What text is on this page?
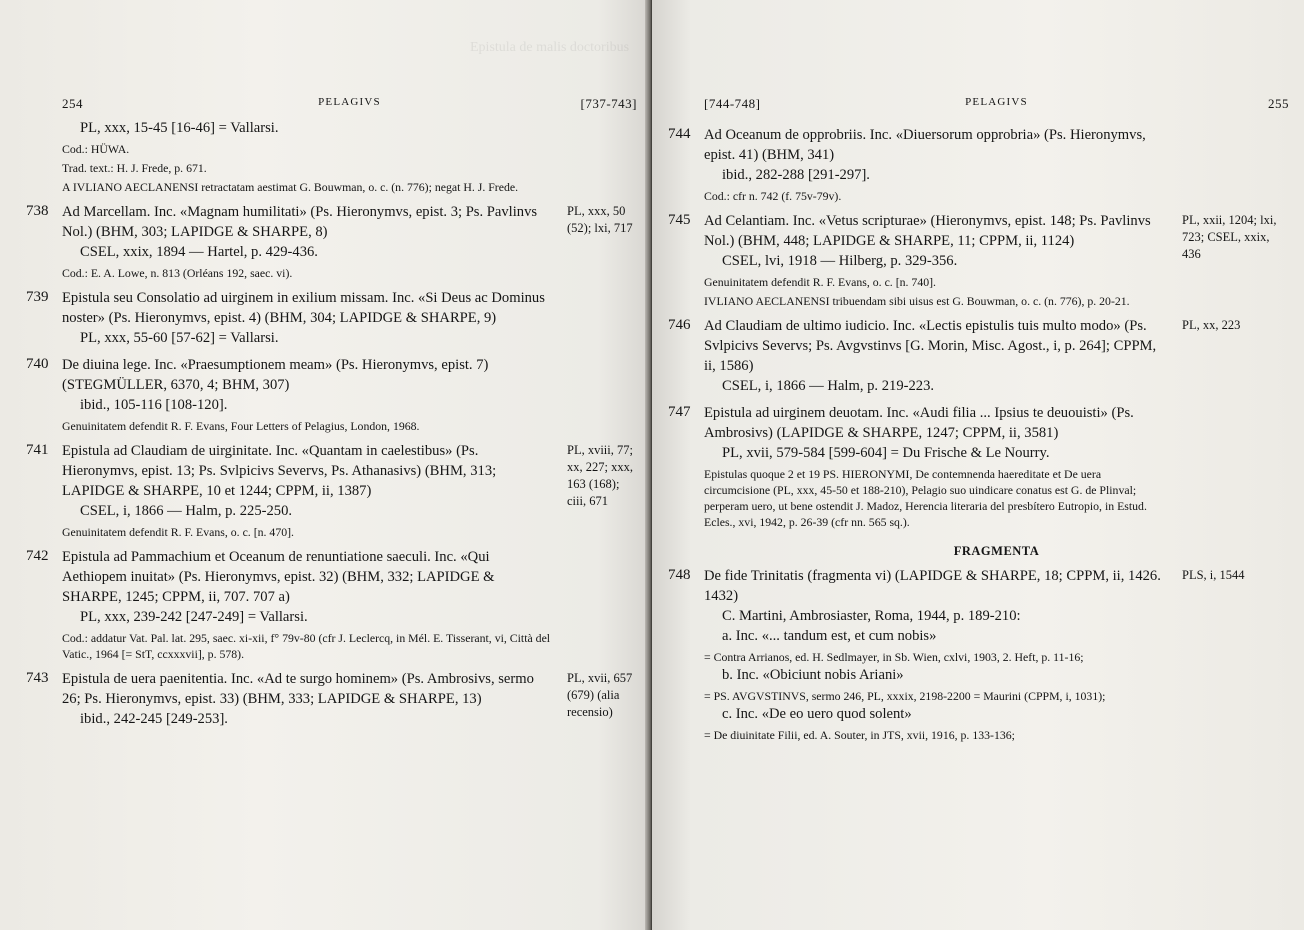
Epistula de malis doctoribus
254	PELAGIVS	[737-743]
PL, xxx, 15-45 [16-46] = Vallarsi.
Cod.: HÜWA.
Trad. text.: H. J. Frede, p. 671.
A IVLIANO AECLANENSI retractatam aestimat G. Bouwman, o. c. (n. 776); negat H. J. Frede.
738 Ad Marcellam. Inc. «Magnam humilitati» (Ps. Hieronymvs, epist. 3; Ps. Pavlinvs Nol.) (BHM, 303; LAPIDGE & SHARPE, 8)
CSEL, xxix, 1894 — Hartel, p. 429-436.
Cod.: E. A. Lowe, n. 813 (Orléans 192, saec. vi).
PL, xxx, 50 (52); lxi, 717
739 Epistula seu Consolatio ad uirginem in exilium missam. Inc. «Si Deus ac Dominus noster» (Ps. Hieronymvs, epist. 4) (BHM, 304; LAPIDGE & SHARPE, 9)
PL, xxx, 55-60 [57-62] = Vallarsi.
740 De diuina lege. Inc. «Praesumptionem meam» (Ps. Hieronymvs, epist. 7) (STEGMÜLLER, 6370, 4; BHM, 307)
ibid., 105-116 [108-120].
Genuinitatem defendit R. F. Evans, Four Letters of Pelagius, London, 1968.
741 Epistula ad Claudiam de uirginitate. Inc. «Quantam in caelestibus» (Ps. Hieronymvs, epist. 13; Ps. Svlpicivs Severvs, Ps. Athanasivs) (BHM, 313; LAPIDGE & SHARPE, 10 et 1244; CPPM, ii, 1387)
CSEL, i, 1866 — Halm, p. 225-250.
Genuinitatem defendit R. F. Evans, o. c. [n. 470].
PL, xviii, 77; xx, 227; xxx, 163 (168); ciii, 671
742 Epistula ad Pammachium et Oceanum de renuntiatione saeculi. Inc. «Qui Aethiopem inuitat» (Ps. Hieronymvs, epist. 32) (BHM, 332; LAPIDGE & SHARPE, 1245; CPPM, ii, 707. 707 a)
PL, xxx, 239-242 [247-249] = Vallarsi.
Cod.: addatur Vat. Pal. lat. 295, saec. xi-xii, f° 79v-80 (cfr J. Leclercq, in Mél. E. Tisserant, vi, Città del Vatic., 1964 [= StT, ccxxxvii], p. 578).
743 Epistula de uera paenitentia. Inc. «Ad te surgo hominem» (Ps. Ambrosivs, sermo 26; Ps. Hieronymvs, epist. 33) (BHM, 333; LAPIDGE & SHARPE, 13)
ibid., 242-245 [249-253].
PL, xvii, 657 (679) (alia recensio)
[744-748]	PELAGIVS	255
744 Ad Oceanum de opprobriis. Inc. «Diuersorum opprobria» (Ps. Hieronymvs, epist. 41) (BHM, 341)
ibid., 282-288 [291-297].
Cod.: cfr n. 742 (f. 75v-79v).
745 Ad Celantiam. Inc. «Vetus scripturae» (Hieronymvs, epist. 148; Ps. Pavlinvs Nol.) (BHM, 448; LAPIDGE & SHARPE, 11; CPPM, ii, 1124)
CSEL, lvi, 1918 — Hilberg, p. 329-356.
Genuinitatem defendit R. F. Evans, o. c. [n. 740].
IVLIANO AECLANENSI tribuendam sibi uisus est G. Bouwman, o. c. (n. 776), p. 20-21.
PL, xxii, 1204; lxi, 723; CSEL, xxix, 436
746 Ad Claudiam de ultimo iudicio. Inc. «Lectis epistulis tuis multo modo» (Ps. Svlpicivs Severvs; Ps. Avgvstinvs [G. Morin, Misc. Agost., i, p. 264]; CPPM, ii, 1586)
CSEL, i, 1866 — Halm, p. 219-223.
PL, xx, 223
747 Epistula ad uirginem deuotam. Inc. «Audi filia ... Ipsius te deuouisti» (Ps. Ambrosivs) (LAPIDGE & SHARPE, 1247; CPPM, ii, 3581)
PL, xvii, 579-584 [599-604] = Du Frische & Le Nourry.
Epistulas quoque 2 et 19 PS. HIERONYMI, De contemnenda haereditate et De uera circumcisione (PL, xxx, 45-50 et 188-210), Pelagio suo uindicare conatus est G. de Plinval; perperam uero, ut bene ostendit J. Madoz, Herencia literaria del presbítero Eutropio, in Estud. Ecles., xvi, 1942, p. 26-39 (cfr nn. 565 sq.).
FRAGMENTA
748 De fide Trinitatis (fragmenta vi) (LAPIDGE & SHARPE, 18; CPPM, ii, 1426. 1432)
C. Martini, Ambrosiaster, Roma, 1944, p. 189-210:
a. Inc. «... tandum est, et cum nobis»
= Contra Arrianos, ed. H. Sedlmayer, in Sb. Wien, cxlvi, 1903, 2. Heft, p. 11-16;
b. Inc. «Obiciunt nobis Ariani»
= PS. AVGVSTINVS, sermo 246, PL, xxxix, 2198-2200 = Maurini (CPPM, i, 1031);
c. Inc. «De eo uero quod solent»
= De diuinitate Filii, ed. A. Souter, in JTS, xvii, 1916, p. 133-136;
PLS, i, 1544
